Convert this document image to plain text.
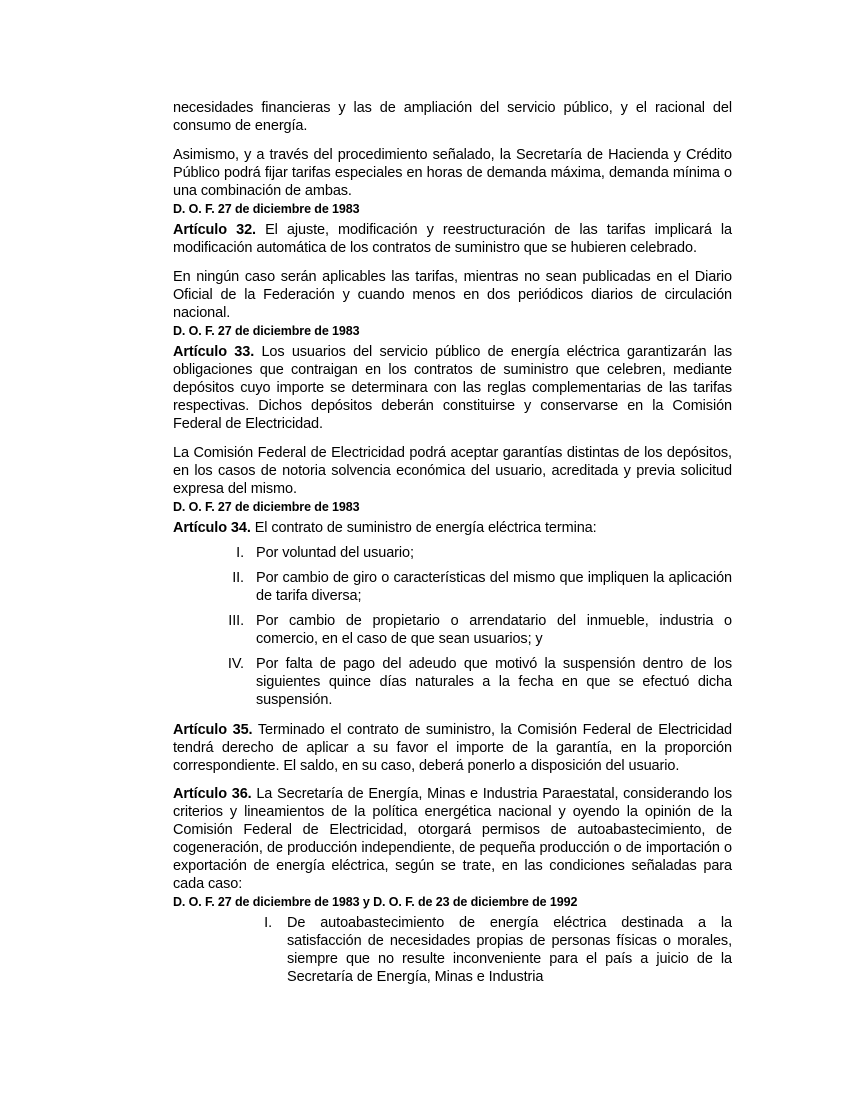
necesidades financieras y las de ampliación del servicio público, y el racional del consumo de energía.

Asimismo, y a través del procedimiento señalado, la Secretaría de Hacienda y Crédito Público podrá fijar tarifas especiales en horas de demanda máxima, demanda mínima o una combinación de ambas.

D. O. F. 27 de diciembre de 1983

Artículo 32. El ajuste, modificación y reestructuración de las tarifas implicará la modificación automática de los contratos de suministro que se hubieren celebrado.

En ningún caso serán aplicables las tarifas, mientras no sean publicadas en el Diario Oficial de la Federación y cuando menos en dos periódicos diarios de circulación nacional.

D. O. F. 27 de diciembre de 1983

Artículo 33. Los usuarios del servicio público de energía eléctrica garantizarán las obligaciones que contraigan en los contratos de suministro que celebren, mediante depósitos cuyo importe se determinara con las reglas complementarias de las tarifas respectivas. Dichos depósitos deberán constituirse y conservarse en la Comisión Federal de Electricidad.

La Comisión Federal de Electricidad podrá aceptar garantías distintas de los depósitos, en los casos de notoria solvencia económica del usuario, acreditada y previa solicitud expresa del mismo.

D. O. F. 27 de diciembre de 1983

Artículo 34. El contrato de suministro de energía eléctrica termina:

I. Por voluntad del usuario;
II. Por cambio de giro o características del mismo que impliquen la aplicación de tarifa diversa;
III. Por cambio de propietario o arrendatario del inmueble, industria o comercio, en el caso de que sean usuarios; y
IV. Por falta de pago del adeudo que motivó la suspensión dentro de los siguientes quince días naturales a la fecha en que se efectuó dicha suspensión.

Artículo 35. Terminado el contrato de suministro, la Comisión Federal de Electricidad tendrá derecho de aplicar a su favor el importe de la garantía, en la proporción correspondiente. El saldo, en su caso, deberá ponerlo a disposición del usuario.

Artículo 36. La Secretaría de Energía, Minas e Industria Paraestatal, considerando los criterios y lineamientos de la política energética nacional y oyendo la opinión de la Comisión Federal de Electricidad, otorgará permisos de autoabastecimiento, de cogeneración, de producción independiente, de pequeña producción o de importación o exportación de energía eléctrica, según se trate, en las condiciones señaladas para cada caso:

D. O. F. 27 de diciembre de 1983 y D. O. F. de 23 de diciembre de 1992

I. De autoabastecimiento de energía eléctrica destinada a la satisfacción de necesidades propias de personas físicas o morales, siempre que no resulte inconveniente para el país a juicio de la Secretaría de Energía, Minas e Industria
